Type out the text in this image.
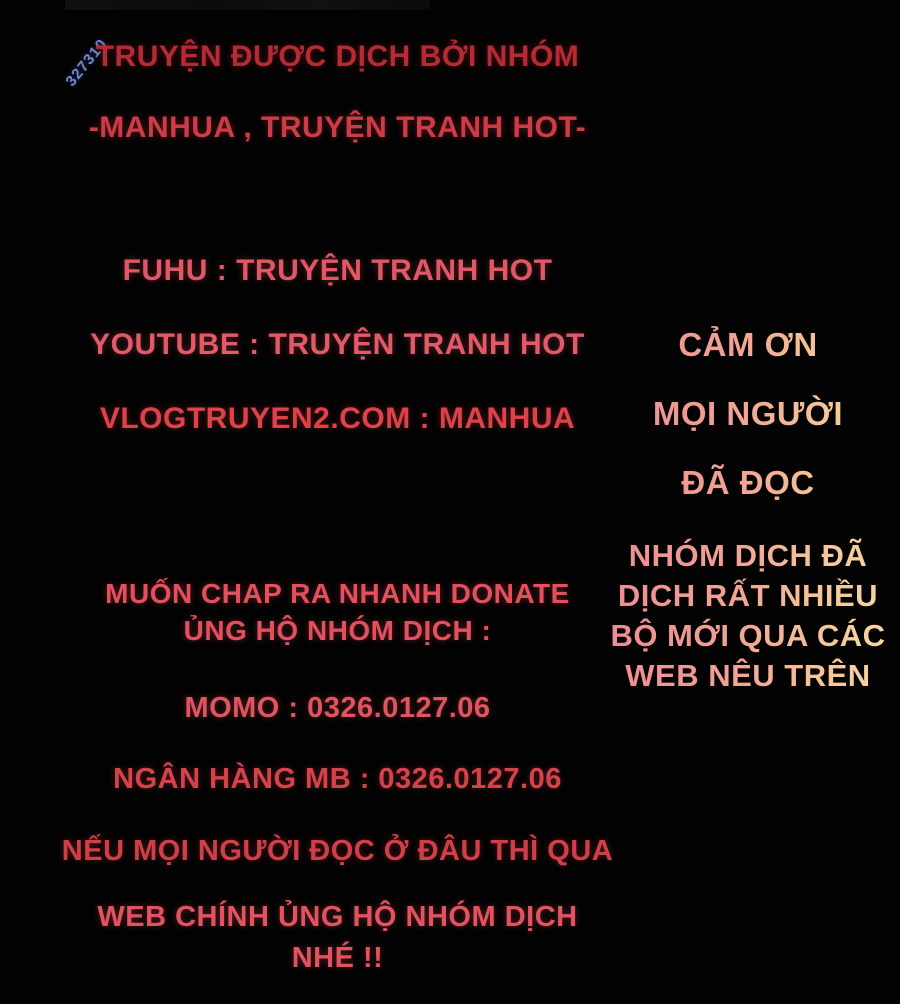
327310
TRUYỆN ĐƯỢC DỊCH BỞI NHÓM
-MANHUA , TRUYỆN TRANH HOT-
FUHU : TRUYỆN TRANH HOT
YOUTUBE : TRUYỆN TRANH HOT
VLOGTRUYEN2.COM : MANHUA
CẢM ƠN
MỌI NGƯỜI
ĐÃ ĐỌC
NHÓM DỊCH ĐÃ
DỊCH RẤT NHIỀU
BỘ MỚI QUA CÁC
WEB NÊU TRÊN
MUỐN CHAP RA NHANH DONATE
ỦNG HỘ NHÓM DỊCH :
MOMO : 0326.0127.06
NGÂN HÀNG MB : 0326.0127.06
NẾU MỌI NGƯỜI ĐỌC Ở ĐÂU THÌ QUA
WEB CHÍNH ỦNG HỘ NHÓM DỊCH
NHÉ !!
